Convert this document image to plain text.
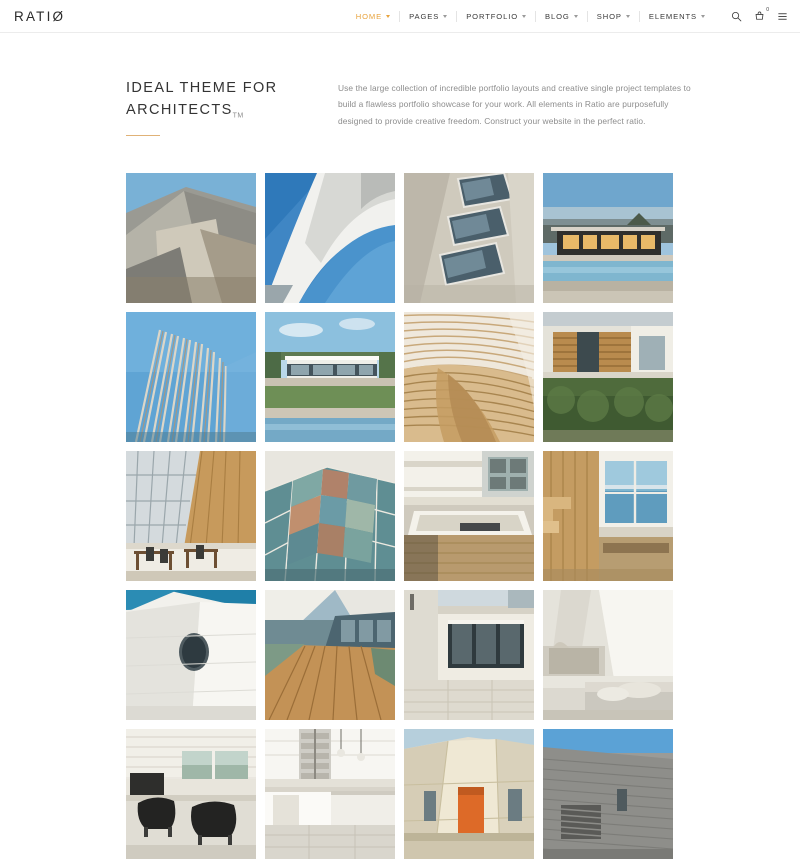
RATIØ	HOME	PAGES	PORTFOLIO	BLOG	SHOP	ELEMENTS
0
IDEAL THEME FOR
ARCHITECTSTM

Use the large collection of incredible portfolio layouts and creative single project templates to build a flawless portfolio showcase for your work. All elements in Ratio are purposefully designed to provide creative freedom. Construct your website in the perfect ratio.
